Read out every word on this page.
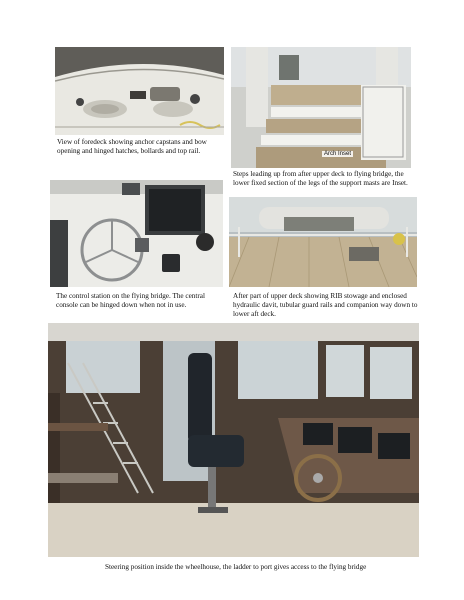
View of foredeck showing anchor capstans and bow opening and hinged hatches, bollards and top rail.	Arch Inset
Steps leading up from after upper deck to flying bridge, the lower fixed section of the legs of the support masts are Inset.
The control station on the flying bridge. The central console can be hinged down when not in use.
After part of upper deck showing RIB stowage and enclosed hydraulic davit, tubular guard rails and companion way down to lower aft deck.
Steering position inside the wheelhouse, the ladder to port gives access to the flying bridge
